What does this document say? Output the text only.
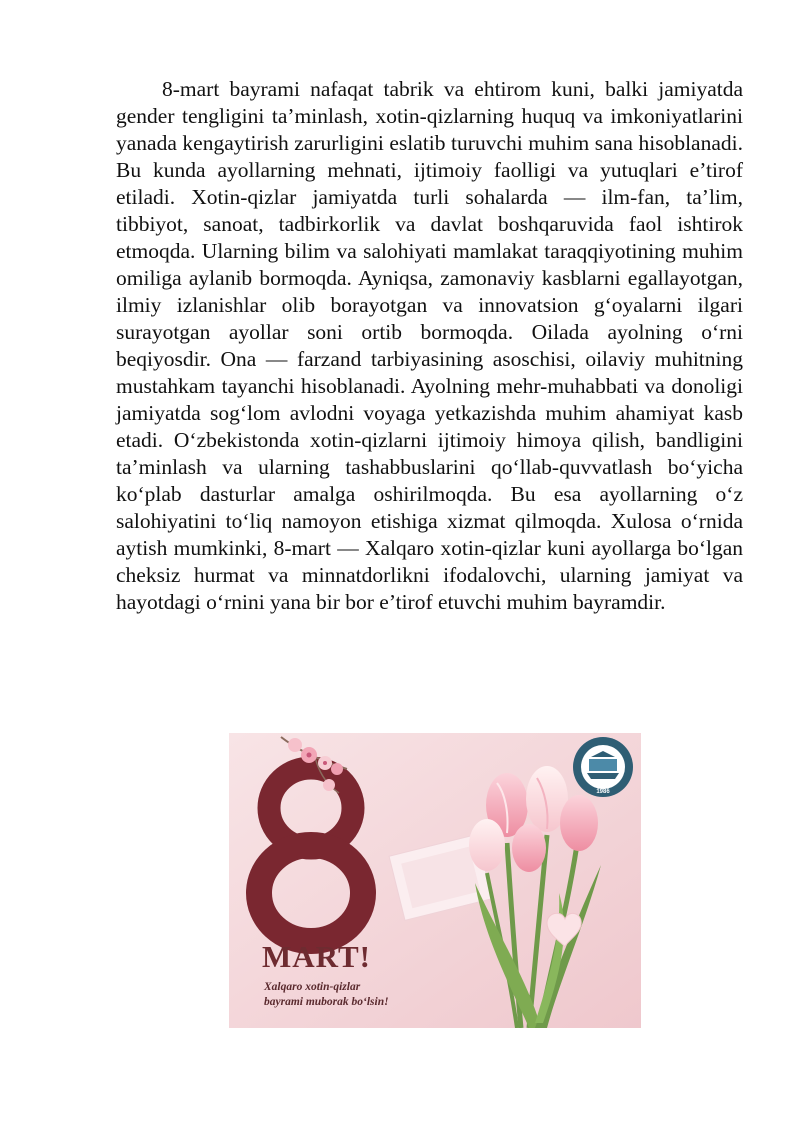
8-mart bayrami nafaqat tabrik va ehtirom kuni, balki jamiyatda gender tengligini ta’minlash, xotin-qizlarning huquq va imkoniyatlarini yanada kengaytirish zarurligini eslatib turuvchi muhim sana hisoblanadi. Bu kunda ayollarning mehnati, ijtimoiy faolligi va yutuqlari e’tirof etiladi. Xotin-qizlar jamiyatda turli sohalarda — ilm-fan, ta’lim, tibbiyot, sanoat, tadbirkorlik va davlat boshqaruvida faol ishtirok etmoqda. Ularning bilim va salohiyati mamlakat taraqqiyotining muhim omiliga aylanib bormoqda. Ayniqsa, zamonaviy kasblarni egallayotgan, ilmiy izlanishlar olib borayotgan va innovatsion g‘oyalarni ilgari surayotgan ayollar soni ortib bormoqda. Oilada ayolning o‘rni beqiyosdir. Ona — farzand tarbiyasining asoschisi, oilaviy muhitning mustahkam tayanchi hisoblanadi. Ayolning mehr-muhabbati va donoligi jamiyatda sog‘lom avlodni voyaga yetkazishda muhim ahamiyat kasb etadi. O‘zbekistonda xotin-qizlarni ijtimoiy himoya qilish, bandligini ta’minlash va ularning tashabbuslarini qo‘llab-quvvatlash bo‘yicha ko‘plab dasturlar amalga oshirilmoqda. Bu esa ayollarning o‘z salohiyatini to‘liq namoyon etishiga xizmat qilmoqda. Xulosa o‘rnida aytish mumkinki, 8-mart — Xalqaro xotin-qizlar kuni ayollarga bo‘lgan cheksiz hurmat va minnatdorlikni ifodalovchi, ularning jamiyat va hayotdagi o‘rnini yana bir bor e’tirof etuvchi muhim bayramdir.

1986

MART!

Xalqaro xotin-qizlar
bayrami muborak bo‘lsin!
